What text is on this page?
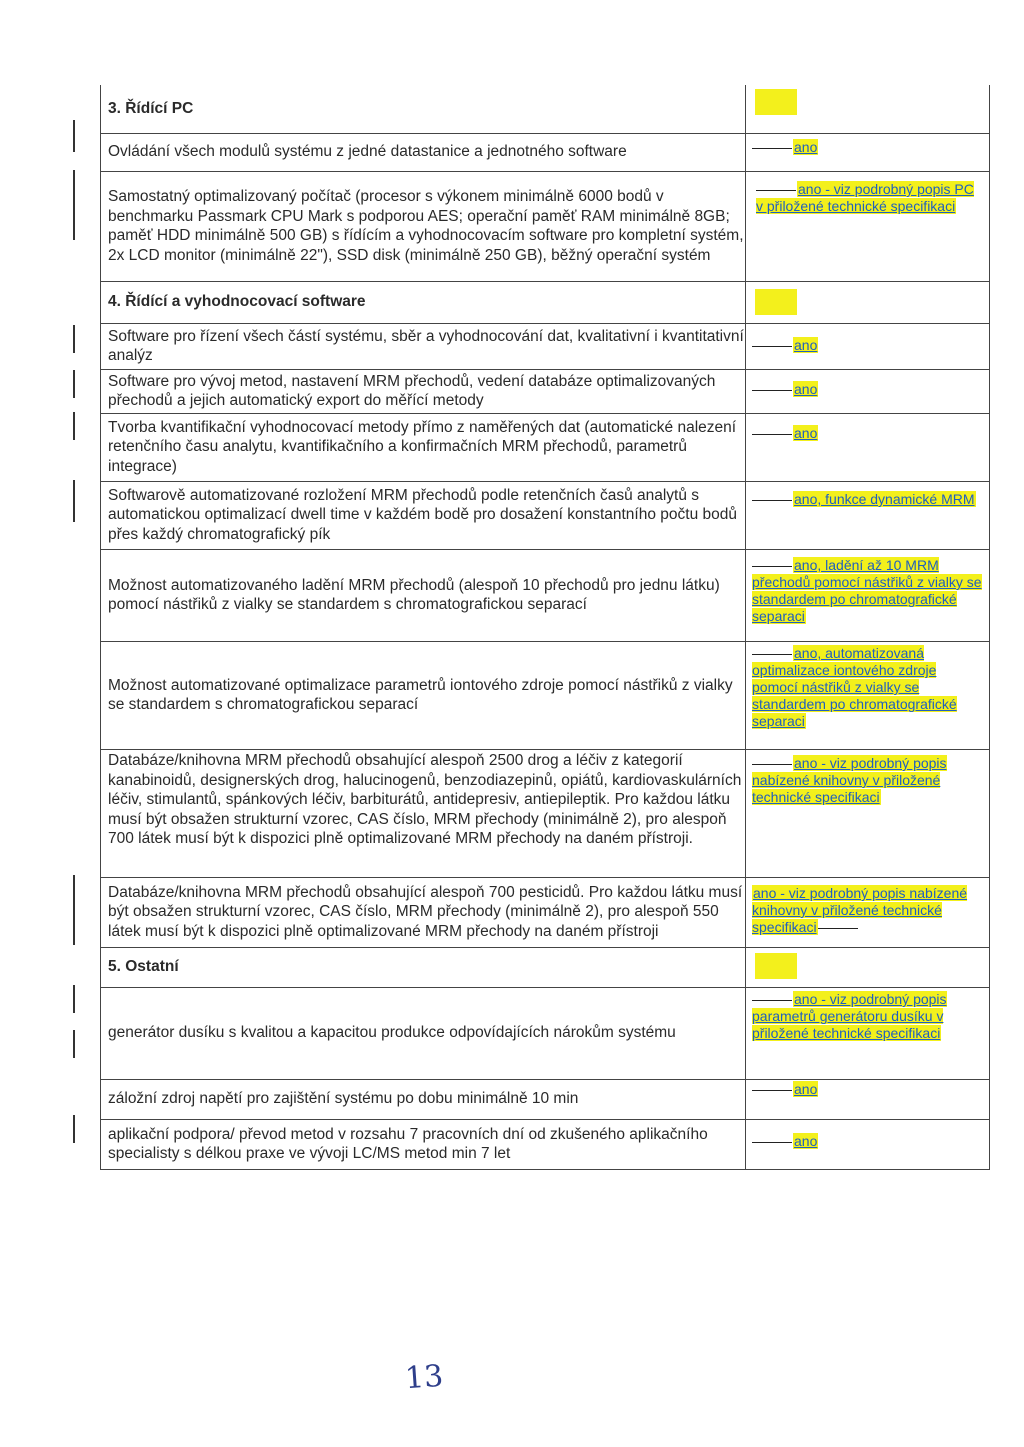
3. Řídící PC
Ovládání všech modulů systému z jedné datastanice a jednotného software	ano
Samostatný optimalizovaný počítač (procesor s výkonem minimálně 6000 bodů v benchmarku Passmark CPU Mark s podporou AES; operační paměť RAM minimálně 8GB; paměť HDD minimálně 500 GB) s řídícím a vyhodnocovacím software pro kompletní systém, 2x LCD monitor (minimálně 22"), SSD disk (minimálně 250 GB), běžný operační systém
ano - viz podrobný popis PC v přiložené technické specifikaci
4. Řídící a vyhodnocovací software
Software pro řízení všech částí systému, sběr a vyhodnocování dat, kvalitativní i kvantitativní analýz
ano
Software pro vývoj metod, nastavení MRM přechodů, vedení databáze optimalizovaných přechodů a jejich automatický export do měřící metody
ano
Tvorba kvantifikační vyhodnocovací metody přímo z naměřených dat (automatické nalezení retenčního času analytu, kvantifikačního a konfirmačních MRM přechodů, parametrů integrace)
ano
Softwarově automatizované rozložení MRM přechodů podle retenčních časů analytů s automatickou optimalizací dwell time v každém bodě pro dosažení konstantního počtu bodů přes každý chromatografický pík
ano, funkce dynamické MRM
Možnost automatizovaného ladění MRM přechodů (alespoň 10 přechodů pro jednu látku) pomocí nástřiků z vialky se standardem s chromatografickou separací
ano, ladění až 10 MRM přechodů pomocí nástřiků z vialky se standardem po chromatografické separaci
Možnost automatizované optimalizace parametrů iontového zdroje pomocí nástřiků z vialky se standardem s chromatografickou separací
ano, automatizovaná optimalizace iontového zdroje pomocí nástřiků z vialky se standardem po chromatografické separaci
Databáze/knihovna MRM přechodů obsahující alespoň 2500 drog a léčiv z kategorií kanabinoidů, designerských drog, halucinogenů, benzodiazepinů, opiátů, kardiovaskulárních léčiv, stimulantů, spánkových léčiv, barbiturátů, antidepresiv, antiepileptik. Pro každou látku musí být obsažen strukturní vzorec, CAS číslo, MRM přechody (minimálně 2), pro alespoň 700 látek musí být k dispozici plně optimalizované MRM přechody na daném přístroji.
ano - viz podrobný popis nabízené knihovny v přiložené technické specifikaci
Databáze/knihovna MRM přechodů obsahující alespoň 700 pesticidů. Pro každou látku musí být obsažen strukturní vzorec, CAS číslo, MRM přechody (minimálně 2), pro alespoň 550 látek musí být k dispozici plně optimalizované MRM přechody na daném přístroji
ano - viz podrobný popis nabízené knihovny v přiložené technické specifikaci
5. Ostatní
generátor dusíku s kvalitou a kapacitou produkce odpovídajících nárokům systému
ano - viz podrobný popis parametrů generátoru dusíku v přiložené technické specifikaci
záložní zdroj napětí pro zajištění systému po dobu minimálně 10 min
ano
aplikační podpora/ převod metod v rozsahu 7 pracovních dní od zkušeného aplikačního specialisty s délkou praxe ve vývoji LC/MS metod min 7 let
ano
13
